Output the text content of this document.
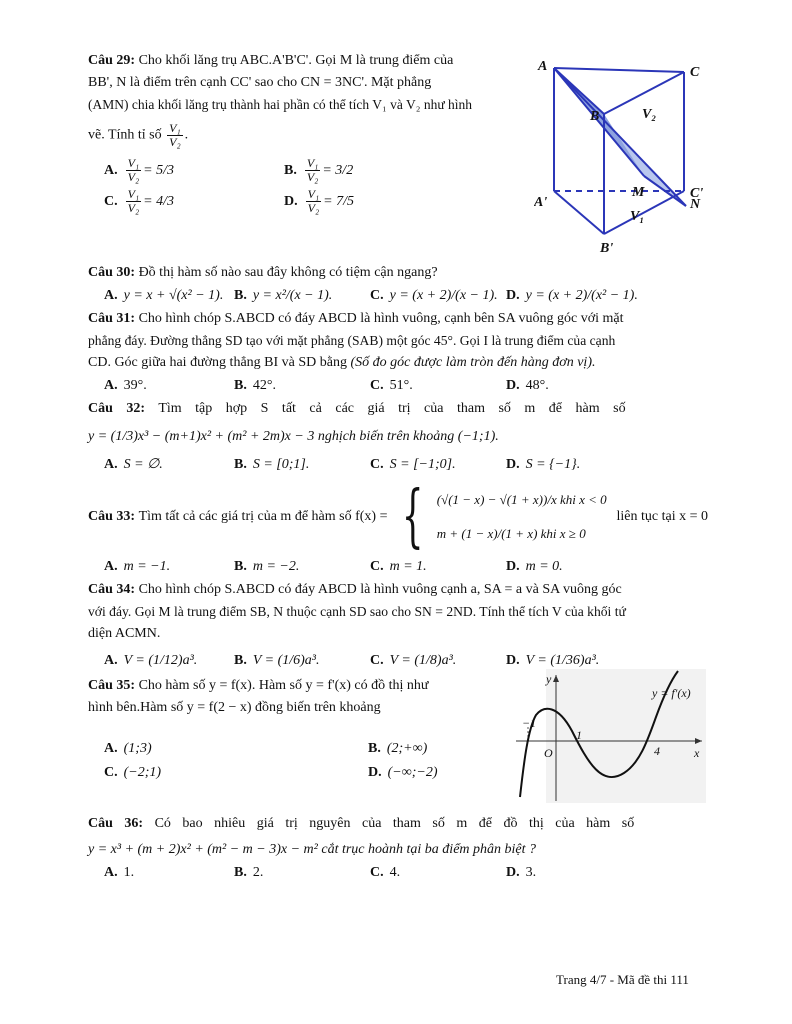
Câu 29: Cho khối lăng trụ ABC.A'B'C'. Gọi M là trung điểm của

BB', N là điểm trên cạnh CC' sao cho CN = 3NC'. Mặt phẳng

(AMN) chia khối lăng trụ thành hai phần có thể tích V₁ và V₂ như hình

vẽ. Tính tỉ số $\frac{\text{V₁}}{\text{V₂}}$ .

A. $\frac{\text{V₁}}{\text{V₂}} = 5/3$	B. $\frac{\text{V₁}}{\text{V₂}} = 3/2$
C. $\frac{\text{V₁}}{\text{V₂}} = 4/3$	D. $\frac{\text{V₁}}{\text{V₂}} = 7/5$
A	C
B
M
N
A'
C'
B'
V₂
V₁

Câu 30: Đồ thị hàm số nào sau đây không có tiệm cận ngang?

A. y = x + √(x² − 1). B. y = x²/(x − 1).	C. y = (x + 2)/(x − 1). D. y = (x + 2)/(x² − 1).

Câu 31: Cho hình chóp S.ABCD có đáy ABCD là hình vuông, cạnh bên SA vuông góc với mặt

phẳng đáy. Đường thẳng SD tạo với mặt phẳng (SAB) một góc 45°. Gọi I là trung điểm của cạnh

CD. Góc giữa hai đường thẳng BI và SD bằng (Số đo góc được làm tròn đến hàng đơn vị).

A. 39°.	B. 42°.	C. 51°.	D. 48°.

Câu 32: Tìm tập hợp S tất cả các giá trị của tham số m để hàm số

y = (1/3)x³ − (m+1)x² + (m² + 2m)x − 3 nghịch biến trên khoảng (−1;1).

A. S = ∅.	B. S = [0;1].	C. S = [−1;0].	D. S = {−1}.
Câu 33:
Tìm tất cả các giá trị của m để hàm số f(x) = { (√(1 − x) − √(1 + x))/x khi x < 0
m + (1 − x)/(1 + x) khi x ≥ 0
liên tục tại x = 0
A. m = −1.	B. m = −2.	C. m = 1.	D. m = 0.

Câu 34: Cho hình chóp S.ABCD có đáy ABCD là hình vuông cạnh a, SA = a và SA vuông góc

với đáy. Gọi M là trung điểm SB, N thuộc cạnh SD sao cho SN = 2ND. Tính thể tích V của khối tứ

diện ACMN.

A. V = (1/12)a³.	B. V = (1/6)a³.	C. V = (1/8)a³.	D. V = (1/36)a³.

Câu 35: Cho hàm số y = f(x). Hàm số y = f'(x) có đồ thị như

hình bên.Hàm số y = f(2 − x) đồng biến trên khoảng

A. (1;3)	B. (2;+∞)
C. (−2;1)	D. (−∞;−2)
y
x
O
−1
1
4
y = f'(x)

Câu 36: Có bao nhiêu giá trị nguyên của tham số m để đồ thị của hàm số

y = x³ + (m + 2)x² + (m² − m − 3)x − m² cắt trục hoành tại ba điểm phân biệt ?

A. 1.	B. 2.	C. 4.	D. 3.
Trang 4/7 - Mã đề thi 111
